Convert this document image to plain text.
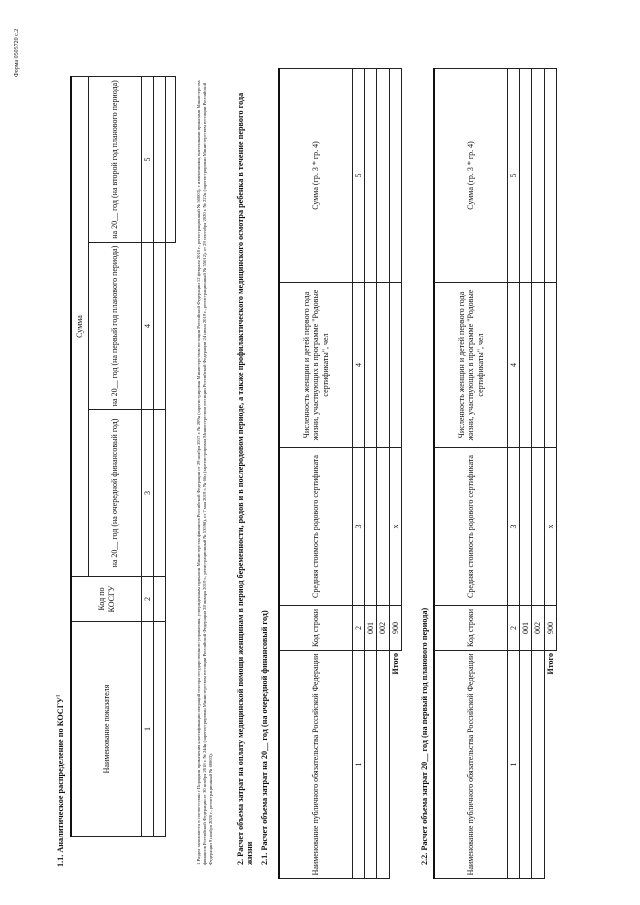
Форма 0505720 с.2
1.1. Аналитическое распределение по КОСГУ$^1$	Наименование показателя	Код по КОСГУ	Сумма		
		на 20__ год (на очередной финансовый год)	на 20__ год (на первый год планового периода)	на 20__ год (на второй год планового периода)
1	2	3	4	5

					1 Раздел заполняется в соответствии с Порядком применения классификации операций сектора государственного управления, утвержденным приказом Министерства финансов Российской Федерации от 29 ноября 2017 г. № 209н (зарегистрирован Министерством юстиции Российской Федерации 12 февраля 2018 г., регистрационный № 50003), с изменениями, внесенными приказами Министерства финансов Российской Федерации от 30 ноября 2018 г. № 244н (зарегистрирован Министерством юстиции Российской Федерации 28 января 2019 г., регистрационный № 53598), от 7 мая 2019 г. № 66н (зарегистрирован Министерством юстиции Российской Федерации 24 июня 2019 г., регистрационный № 55012), от 29 сентября 2020 г. № 222н (зарегистрирован Министерством юстиции Российской Федерации 9 ноября 2020 г., регистрационный № 60803).	2. Расчет объема затрат на оплату медицинской помощи женщинам в период беременности, родов и в послеродовом периоде, а также профилактического медицинского осмотра ребенка в течение первого года жизни 2.1. Расчет объема затрат на 20__ год (на очередной финансовый год)	Наименование публичного обязательства Российской Федерации	Код строки	Средняя стоимость родового сертификата	Численность женщин и детей первого года жизни, участвующих в программе "Родовые сертификаты", чел	Сумма (гр. 3 * гр. 4)
1	2	3	4	5
	001			
	002			
Итого	900	х		
2.2. Расчет объема затрат 20__ год (на первый год планового периода)	Наименование публичного обязательства Российской Федерации	Код строки	Средняя стоимость родового сертификата	Численность женщин и детей первого года жизни, участвующих в программе "Родовые сертификаты", чел	Сумма (гр. 3 * гр. 4)
1	2	3	4	5
	001			
	002			
Итого	900	х		
